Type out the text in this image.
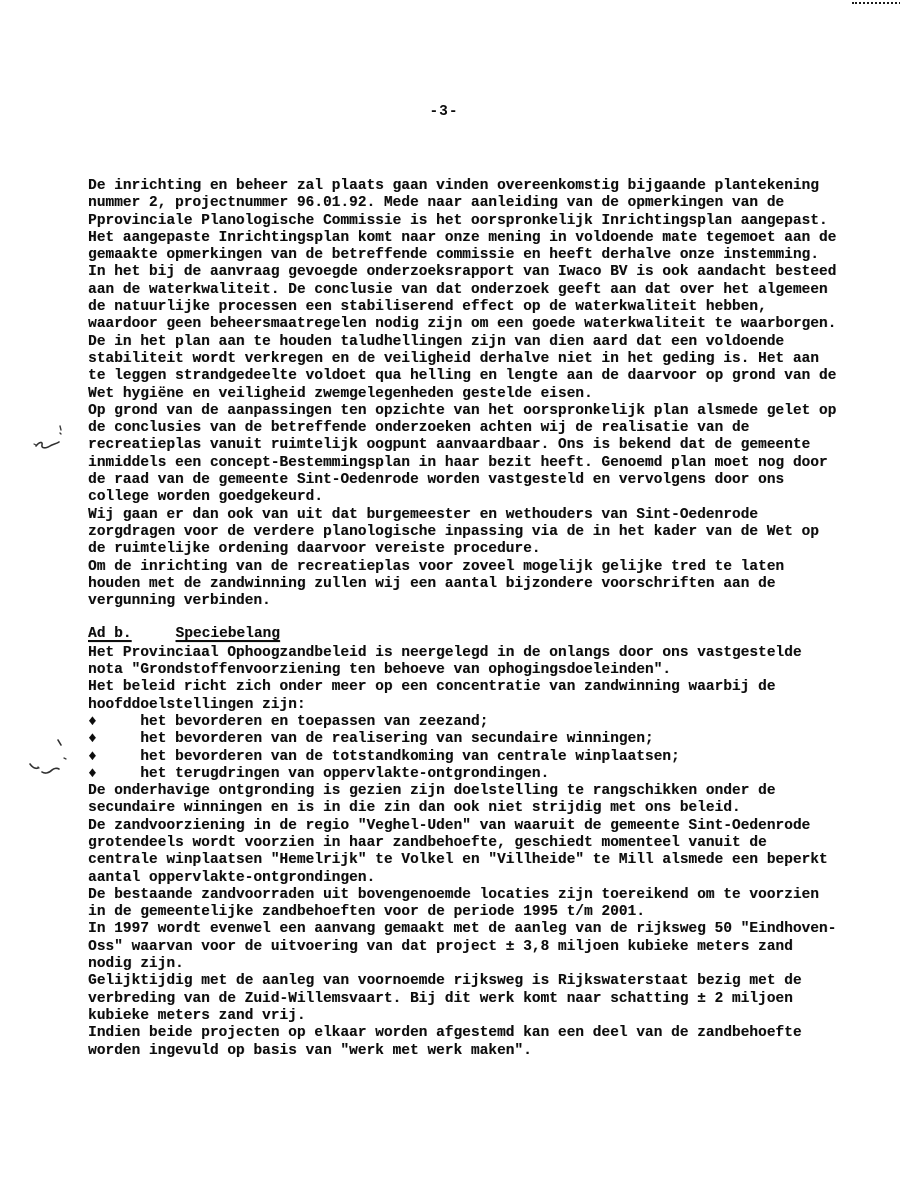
-3-
De inrichting en beheer zal plaats gaan vinden overeenkomstig bijgaande plantekening
nummer 2, projectnummer 96.01.92. Mede naar aanleiding van de opmerkingen van de
Pprovinciale Planologische Commissie is het oorspronkelijk Inrichtingsplan aangepast.
Het aangepaste Inrichtingsplan komt naar onze mening in voldoende mate tegemoet aan de
gemaakte opmerkingen van de betreffende commissie en heeft derhalve onze instemming.
In het bij de aanvraag gevoegde onderzoeksrapport van Iwaco BV is ook aandacht besteed
aan de waterkwaliteit. De conclusie van dat onderzoek geeft aan dat over het algemeen
de natuurlijke processen een stabiliserend effect op de waterkwaliteit hebben,
waardoor geen beheersmaatregelen nodig zijn om een goede waterkwaliteit te waarborgen.
De in het plan aan te houden taludhellingen zijn van dien aard dat een voldoende
stabiliteit wordt verkregen en de veiligheid derhalve niet in het geding is. Het aan
te leggen strandgedeelte voldoet qua helling en lengte aan de daarvoor op grond van de
Wet hygiëne en veiligheid zwemgelegenheden gestelde eisen.
Op grond van de aanpassingen ten opzichte van het oorspronkelijk plan alsmede gelet op
de conclusies van de betreffende onderzoeken achten wij de realisatie van de
recreatieplas vanuit ruimtelijk oogpunt aanvaardbaar. Ons is bekend dat de gemeente
inmiddels een concept-Bestemmingsplan in haar bezit heeft. Genoemd plan moet nog door
de raad van de gemeente Sint-Oedenrode worden vastgesteld en vervolgens door ons
college worden goedgekeurd.
Wij gaan er dan ook van uit dat burgemeester en wethouders van Sint-Oedenrode
zorgdragen voor de verdere planologische inpassing via de in het kader van de Wet op
de ruimtelijke ordening daarvoor vereiste procedure.
Om de inrichting van de recreatieplas voor zoveel mogelijk gelijke tred te laten
houden met de zandwinning zullen wij een aantal bijzondere voorschriften aan de
vergunning verbinden.
Ad b.	Speciebelang
Het Provinciaal Ophoogzandbeleid is neergelegd in de onlangs door ons vastgestelde
nota "Grondstoffenvoorziening ten behoeve van ophogingsdoeleinden".
Het beleid richt zich onder meer op een concentratie van zandwinning waarbij de
hoofddoelstellingen zijn:
♦     het bevorderen en toepassen van zeezand;
♦     het bevorderen van de realisering van secundaire winningen;
♦     het bevorderen van de totstandkoming van centrale winplaatsen;
♦     het terugdringen van oppervlakte-ontgrondingen.
De onderhavige ontgronding is gezien zijn doelstelling te rangschikken onder de
secundaire winningen en is in die zin dan ook niet strijdig met ons beleid.
De zandvoorziening in de regio "Veghel-Uden" van waaruit de gemeente Sint-Oedenrode
grotendeels wordt voorzien in haar zandbehoefte, geschiedt momenteel vanuit de
centrale winplaatsen "Hemelrijk" te Volkel en "Villheide" te Mill alsmede een beperkt
aantal oppervlakte-ontgrondingen.
De bestaande zandvoorraden uit bovengenoemde locaties zijn toereikend om te voorzien
in de gemeentelijke zandbehoeften voor de periode 1995 t/m 2001.
In 1997 wordt evenwel een aanvang gemaakt met de aanleg van de rijksweg 50 "Eindhoven-
Oss" waarvan voor de uitvoering van dat project ± 3,8 miljoen kubieke meters zand
nodig zijn.
Gelijktijdig met de aanleg van voornoemde rijksweg is Rijkswaterstaat bezig met de
verbreding van de Zuid-Willemsvaart. Bij dit werk komt naar schatting ± 2 miljoen
kubieke meters zand vrij.
Indien beide projecten op elkaar worden afgestemd kan een deel van de zandbehoefte
worden ingevuld op basis van "werk met werk maken".
